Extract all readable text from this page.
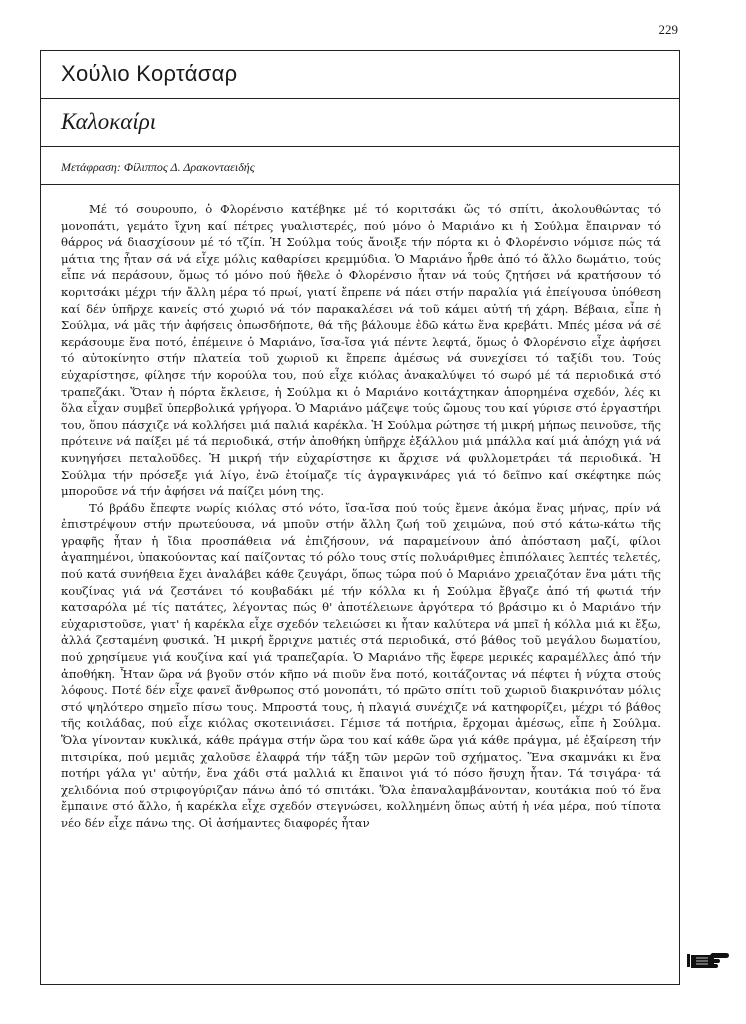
229
Χούλιο Κορτάσαρ
Καλοκαίρι
Μετάφραση: Φίλιππος Δ. Δρακονταειδής

Μέ τό σουρουπο, ὁ Φλορένσιο κατέβηκε μέ τό κοριτσάκι ὥς τό σπίτι, ἀκολουθώντας τό μονοπάτι, γεμάτο ἴχνη καί πέτρες γυαλιστερές, πού μόνο ὁ Μαριάνο κι ἡ Σούλμα ἔπαιρναν τό θάρρος νά διασχίσουν μέ τό τζίπ. Ἡ Σούλμα τούς ἄνοιξε τήν πόρτα κι ὁ Φλορένσιο νόμισε πώς τά μάτια της ἦταν σά νά εἶχε μόλις καθαρίσει κρεμμύδια. Ὁ Μαριάνο ἦρθε ἀπό τό ἄλλο δωμάτιο, τούς εἶπε νά περάσουν, ὅμως τό μόνο πού ἤθελε ὁ Φλορένσιο ἦταν νά τούς ζητήσει νά κρατήσουν τό κοριτσάκι μέχρι τήν ἄλλη μέρα τό πρωί, γιατί ἔπρεπε νά πάει στήν παραλία γιά ἐπείγουσα ὑπόθεση καί δέν ὑπῆρχε κανείς στό χωριό νά τόν παρακαλέσει νά τοῦ κάμει αὐτή τή χάρη. Βέβαια, εἶπε ἡ Σούλμα, νά μᾶς τήν ἀφήσεις ὁπωσδήποτε, θά τῆς βάλουμε ἐδῶ κάτω ἕνα κρεβάτι. Μπές μέσα νά σέ κεράσουμε ἕνα ποτό, ἐπέμεινε ὁ Μαριάνο, ἴσα-ἴσα γιά πέντε λεφτά, ὅμως ὁ Φλορένσιο εἶχε ἀφήσει τό αὐτοκίνητο στήν πλατεία τοῦ χωριοῦ κι ἔπρεπε ἀμέσως νά συνεχίσει τό ταξίδι του. Τούς εὐχαρίστησε, φίλησε τήν κορούλα του, πού εἶχε κιόλας ἀνακαλύψει τό σωρό μέ τά περιοδικά στό τραπεζάκι. Ὅταν ἡ πόρτα ἔκλεισε, ἡ Σούλμα κι ὁ Μαριάνο κοιτάχτηκαν ἀπορημένα σχεδόν, λές κι ὅλα εἶχαν συμβεῖ ὑπερβολικά γρήγορα. Ὁ Μαριάνο μάζεψε τούς ὤμους του καί γύρισε στό ἐργαστήρι του, ὅπου πάσχιζε νά κολλήσει μιά παλιά καρέκλα. Ἡ Σούλμα ρώτησε τή μικρή μήπως πεινοῦσε, τῆς πρότεινε νά παίξει μέ τά περιοδικά, στήν ἀποθήκη ὑπῆρχε ἐξάλλου μιά μπάλλα καί μιά ἀπόχη γιά νά κυνηγήσει πεταλοῦδες. Ἡ μικρή τήν εὐχαρίστησε κι ἄρχισε νά φυλλομετράει τά περιοδικά. Ἡ Σούλμα τήν πρόσεξε γιά λίγο, ἐνῶ ἑτοίμαζε τίς ἀγραγκινάρες γιά τό δεῖπνο καί σκέφτηκε πώς μποροῦσε νά τήν ἀφήσει νά παίζει μόνη της.

Τό βράδυ ἔπεφτε νωρίς κιόλας στό νότο, ἴσα-ἴσα πού τούς ἔμενε ἀκόμα ἕνας μήνας, πρίν νά ἐπιστρέψουν στήν πρωτεύουσα, νά μποῦν στήν ἄλλη ζωή τοῦ χειμώνα, πού στό κάτω-κάτω τῆς γραφῆς ἦταν ἡ ἴδια προσπάθεια νά ἐπιζήσουν, νά παραμείνουν ἀπό ἀπόσταση μαζί, φίλοι ἀγαπημένοι, ὑπακούοντας καί παίζοντας τό ρόλο τους στίς πολυάριθμες ἐπιπόλαιες λεπτές τελετές, πού κατά συνήθεια ἔχει ἀναλάβει κάθε ζευγάρι, ὅπως τώρα πού ὁ Μαριάνο χρειαζόταν ἕνα μάτι τῆς κουζίνας γιά νά ζεστάνει τό κουβαδάκι μέ τήν κόλλα κι ἡ Σούλμα ἔβγαζε ἀπό τή φωτιά τήν κατσαρόλα μέ τίς πατάτες, λέγοντας πώς θ' ἀποτέλειωνε ἀργότερα τό βράσιμο κι ὁ Μαριάνο τήν εὐχαριστοῦσε, γιατ' ἡ καρέκλα εἶχε σχεδόν τελειώσει κι ἦταν καλύτερα νά μπεῖ ἡ κόλλα μιά κι ἔξω, ἀλλά ζεσταμένη φυσικά. Ἡ μικρή ἔρριχνε ματιές στά περιοδικά, στό βάθος τοῦ μεγάλου δωματίου, πού χρησίμευε γιά κουζίνα καί γιά τραπεζαρία. Ὁ Μαριάνο τῆς ἔφερε μερικές καραμέλλες ἀπό τήν ἀποθήκη. Ἦταν ὥρα νά βγοῦν στόν κῆπο νά πιοῦν ἕνα ποτό, κοιτάζοντας νά πέφτει ἡ νύχτα στούς λόφους. Ποτέ δέν εἶχε φανεῖ ἄνθρωπος στό μονοπάτι, τό πρῶτο σπίτι τοῦ χωριοῦ διακρινόταν μόλις στό ψηλότερο σημεῖο πίσω τους. Μπροστά τους, ἡ πλαγιά συνέχιζε νά κατηφορίζει, μέχρι τό βάθος τῆς κοιλάδας, πού εἶχε κιόλας σκοτεινιάσει. Γέμισε τά ποτήρια, ἔρχομαι ἀμέσως, εἶπε ἡ Σούλμα. Ὅλα γίνονταν κυκλικά, κάθε πράγμα στήν ὥρα του καί κάθε ὥρα γιά κάθε πράγμα, μέ ἐξαίρεση τήν πιτσιρίκα, πού μεμιᾶς χαλοῦσε ἐλαφρά τήν τάξη τῶν μερῶν τοῦ σχήματος. Ἕνα σκαμνάκι κι ἕνα ποτήρι γάλα γι' αὐτήν, ἕνα χάδι στά μαλλιά κι ἔπαινοι γιά τό πόσο ἥσυχη ἦταν. Τά τσιγάρα· τά χελιδόνια πού στριφογύριζαν πάνω ἀπό τό σπιτάκι. Ὅλα ἐπαναλαμβάνονταν, κουτάκια πού τό ἕνα ἔμπαινε στό ἄλλο, ἡ καρέκλα εἶχε σχεδόν στεγνώσει, κολλημένη ὅπως αὐτή ἡ νέα μέρα, πού τίποτα νέο δέν εἶχε πάνω της. Οἱ ἀσήμαντες διαφορές ἦταν
